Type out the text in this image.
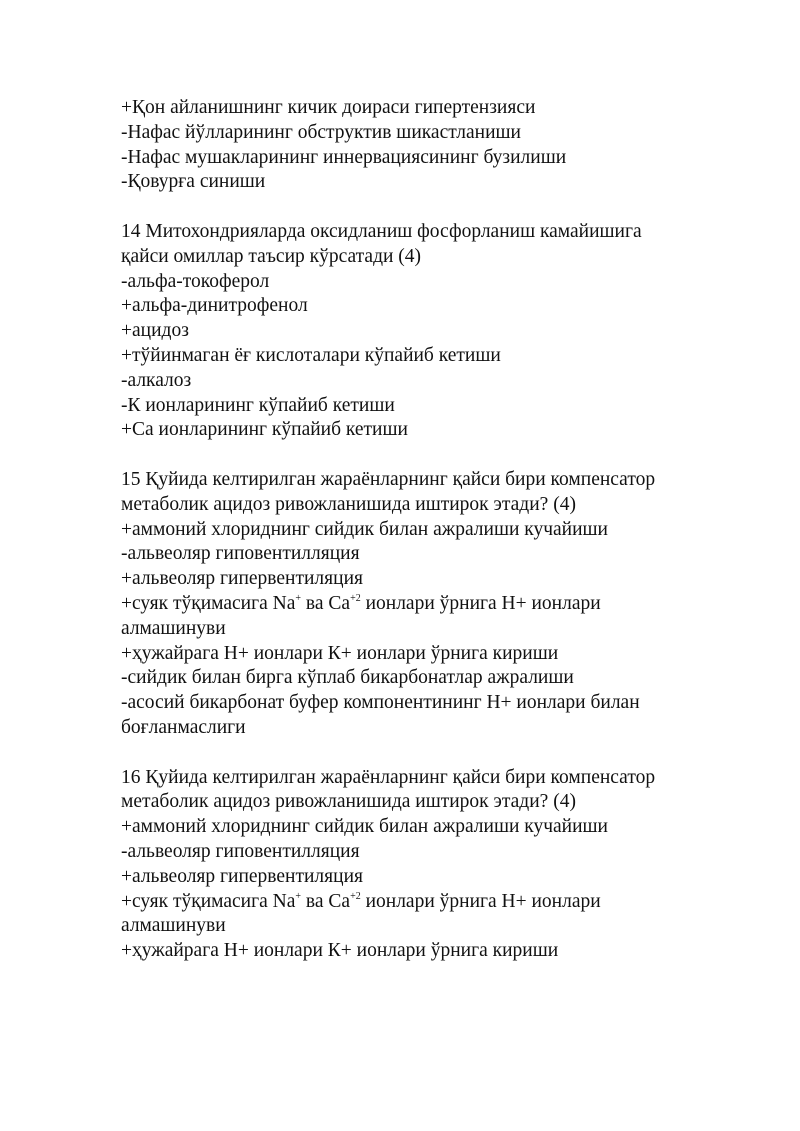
+Қон айланишнинг кичик доираси гипертензияси
-Нафас йўлларининг обструктив шикастланиши
-Нафас мушакларининг иннервациясининг бузилиши
-Қовурға синиши
14 Митохондрияларда оксидланиш фосфорланиш камайишига қайси омиллар таъсир кўрсатади (4)
-альфа-токоферол
+альфа-динитрофенол
+ацидоз
+тўйинмаган ёғ кислоталари кўпайиб кетиши
-алкалоз
-К ионларининг кўпайиб кетиши
+Са ионларининг кўпайиб кетиши
15 Қуйида келтирилган жараёнларнинг қайси бири компенсатор метаболик ацидоз ривожланишида иштирок этади? (4)
+аммоний хлориднинг сийдик билан ажралиши кучайиши
-альвеоляр гиповентилляция
+альвеоляр гипервентиляция
+суяк тўқимасига Na+ ва $Ca^{+2}$ ионлари ўрнига Н+ ионлари алмашинуви
+ҳужайрага Н+ ионлари К+ ионлари ўрнига кириши
-сийдик билан бирга кўплаб бикарбонатлар ажралиши
-асосий бикарбонат буфер компонентининг Н+ ионлари билан боғланмаслиги
16 Қуйида келтирилган жараёнларнинг қайси бири компенсатор метаболик ацидоз ривожланишида иштирок этади? (4)
+аммоний хлориднинг сийдик билан ажралиши кучайиши
-альвеоляр гиповентилляция
+альвеоляр гипервентиляция
+суяк тўқимасига Na+ ва $Ca^{+2}$ ионлари ўрнига Н+ ионлари алмашинуви
+ҳужайрага Н+ ионлари К+ ионлари ўрнига кириши
